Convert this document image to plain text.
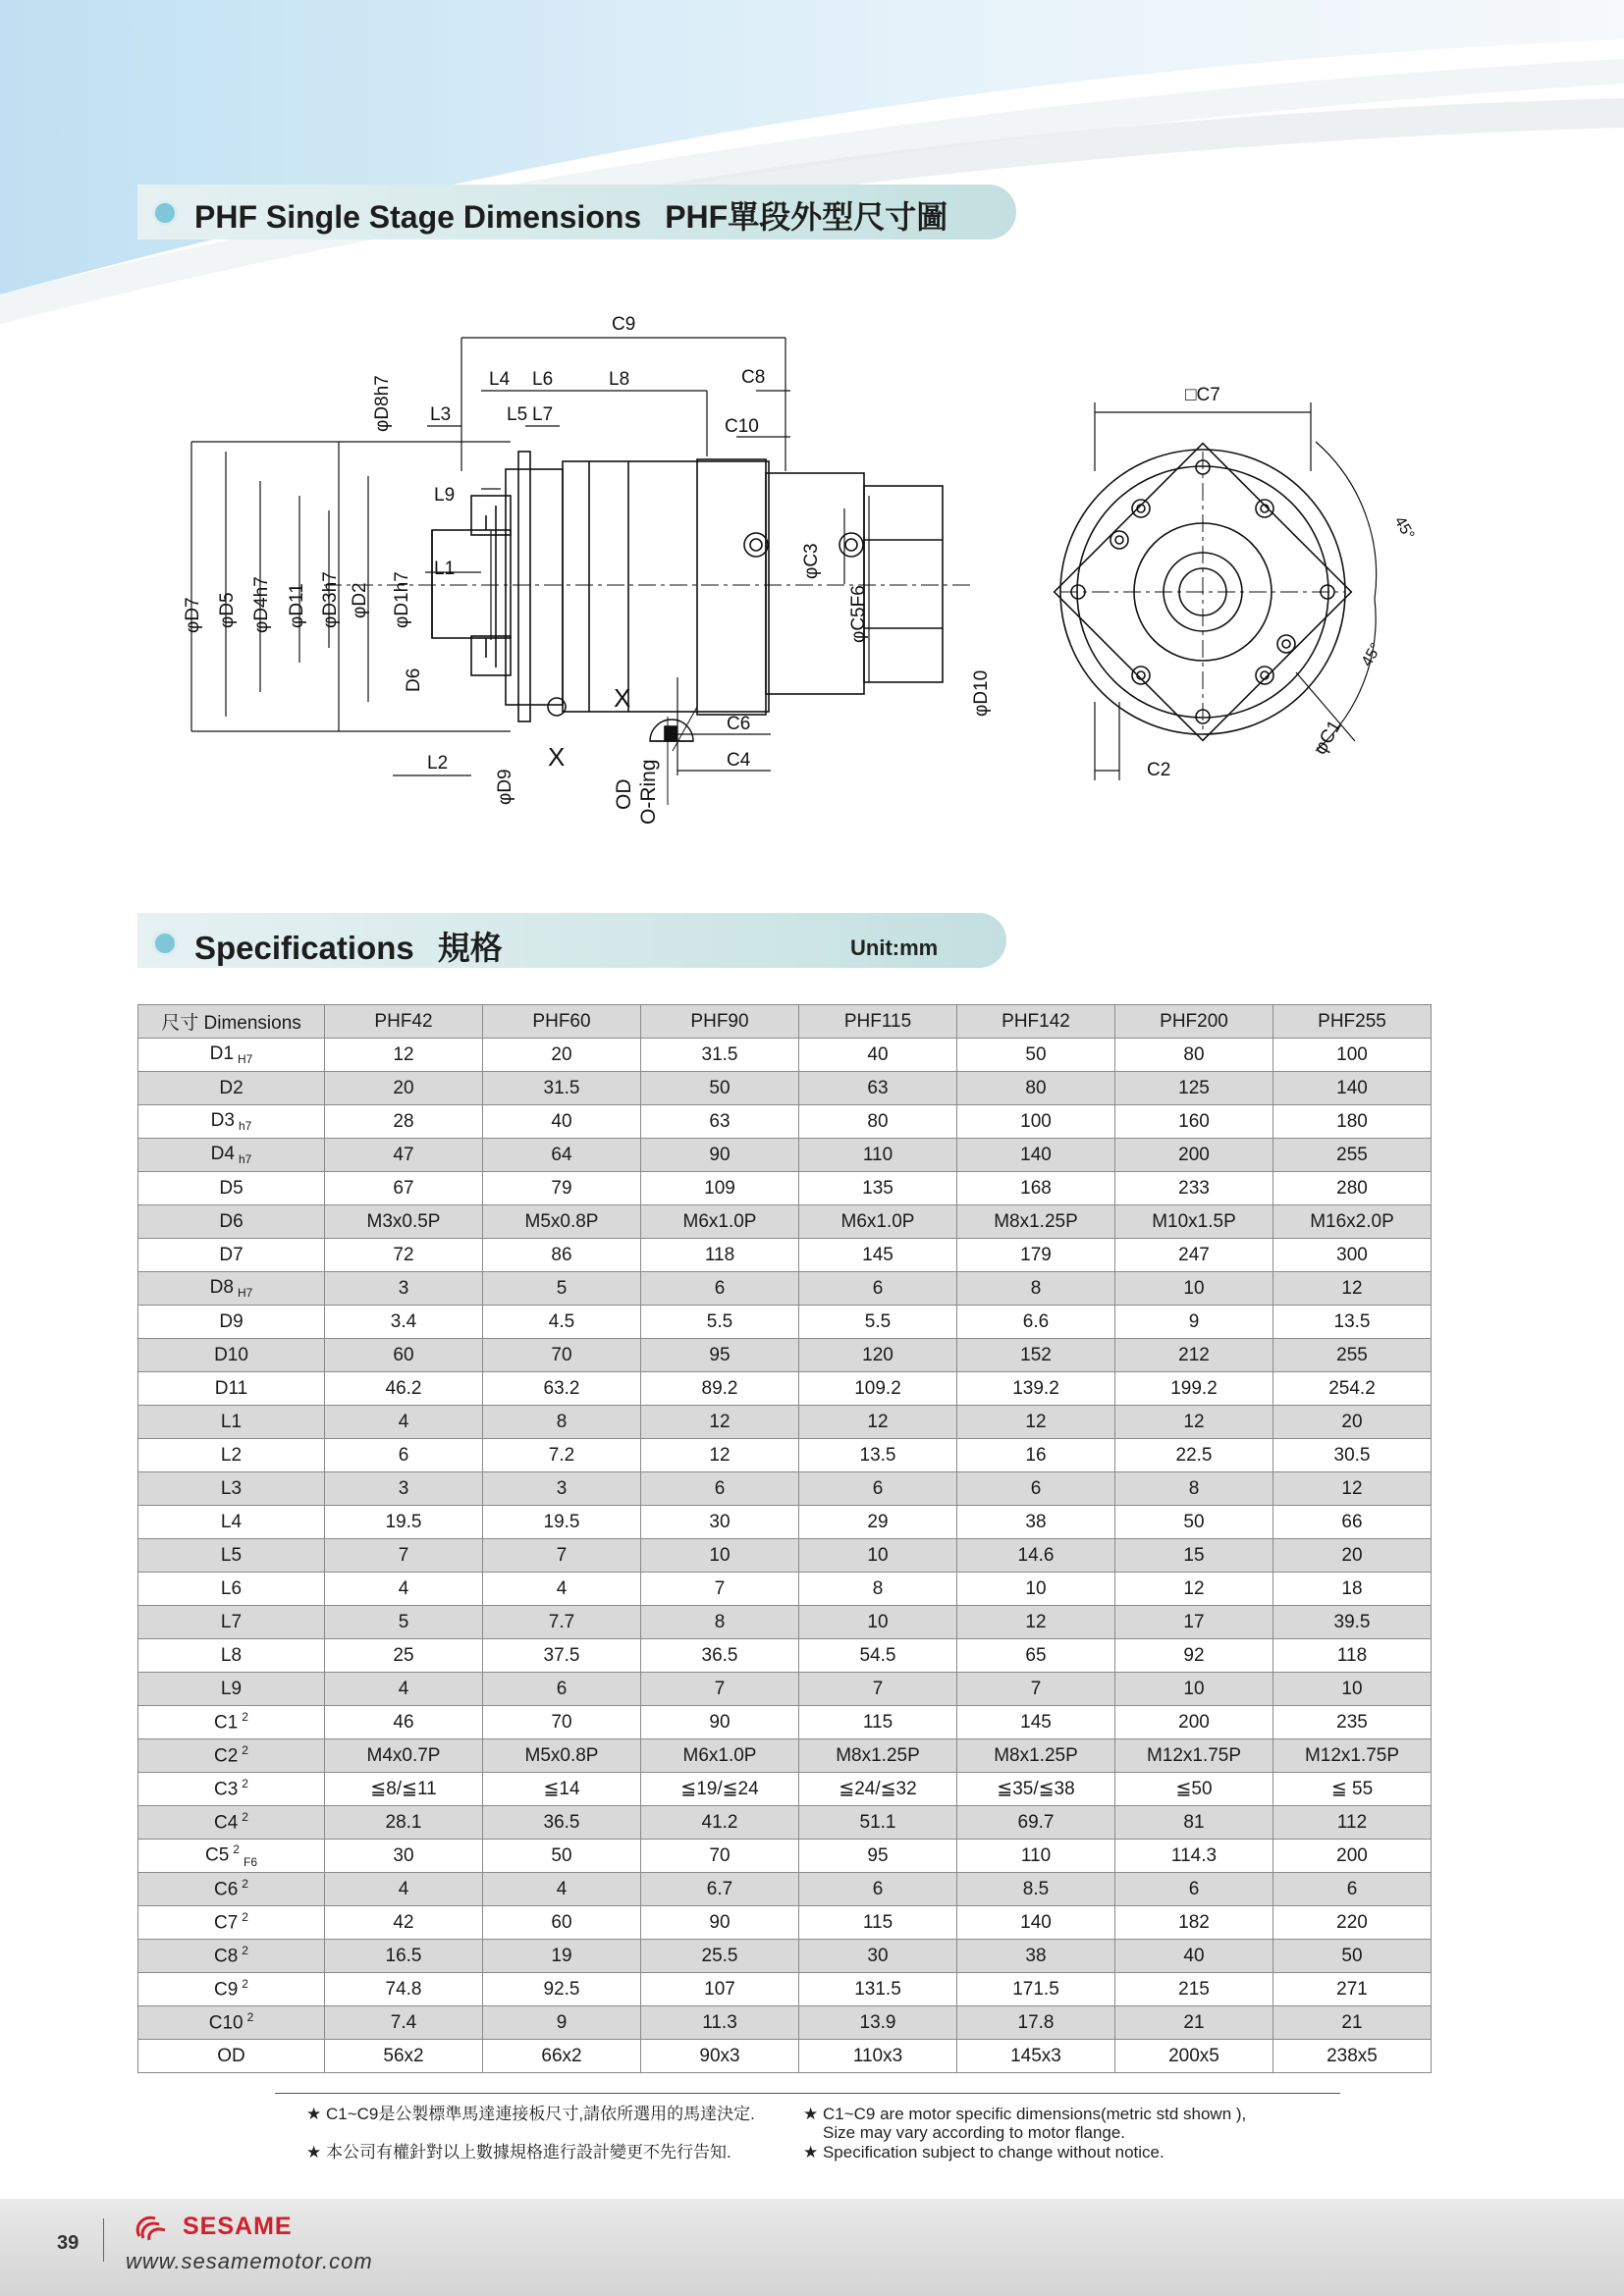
PHF Single Stage Dimensions PHF單段外型尺寸圖
C9
L4 L6	L8	C8
L3	L5 L7
C10
L9
L1
L2
C6
C4
X
D6
φD9
φD7 φD5 φD4h7 φD11 φD3h7 φD2 φD1h7
φD8h7
φC3
φC5F6
X	φD10
OD O-Ring
□C7
C2
φC1
45°
45°
Specifications 規格	Unit:mm
尺寸 Dimensions	PHF42	PHF60	PHF90	PHF115	PHF142	PHF200	PHF255
D1 $_{H7}$	12	20	31.5	40	50	80	100
D2	20	31.5	50	63	80	125	140
D3 $_{h7}$	28	40	63	80	100	160	180
D4 $_{h7}$	47	64	90	110	140	200	255
D5	67	79	109	135	168	233	280
D6	M3x0.5P	M5x0.8P	M6x1.0P	M6x1.0P	M8x1.25P	M10x1.5P	M16x2.0P
D7	72	86	118	145	179	247	300
D8 $_{H7}$	3	5	6	6	8	10	12
D9	3.4	4.5	5.5	5.5	6.6	9	13.5
D10	60	70	95	120	152	212	255
D11	46.2	63.2	89.2	109.2	139.2	199.2	254.2
L1	4	8	12	12	12	12	20
L2	6	7.2	12	13.5	16	22.5	30.5
L3	3	3	6	6	6	8	12
L4	19.5	19.5	30	29	38	50	66
L5	7	7	10	10	14.6	15	20
L6	4	4	7	8	10	12	18
L7	5	7.7	8	10	12	17	39.5
L8	25	37.5	36.5	54.5	65	92	118
L9	4	6	7	7	7	10	10
C1 $^2$	46	70	90	115	145	200	235
C2 $^2$	M4x0.7P	M5x0.8P	M6x1.0P	M8x1.25P	M8x1.25P	M12x1.75P	M12x1.75P
C3 $^2$	≦8/≦11	≦14	≦19/≦24	≦24/≦32	≦35/≦38	≦50	≦ 55
C4 $^2$	28.1	36.5	41.2	51.1	69.7	81	112
C5 $^2_{F6}$	30	50	70	95	110	114.3	200
C6 $^2$	4	4	6.7	6	8.5	6	6
C7 $^2$	42	60	90	115	140	182	220
C8 $^2$	16.5	19	25.5	30	38	40	50
C9 $^2$	74.8	92.5	107	131.5	171.5	215	271
C10 $^2$	7.4	9	11.3	13.9	17.8	21	21
OD	56x2	66x2	90x3	110x3	145x3	200x5	238x5
★ C1~C9是公製標準馬達連接板尺寸,請依所選用的馬達決定.
★ 本公司有權針對以上數據規格進行設計變更不先行告知.
★ C1~C9 are motor specific dimensions(metric std shown ),
Size may vary according to motor flange.
★ Specification subject to change without notice.
39
SESAME
www.sesamemotor.com
